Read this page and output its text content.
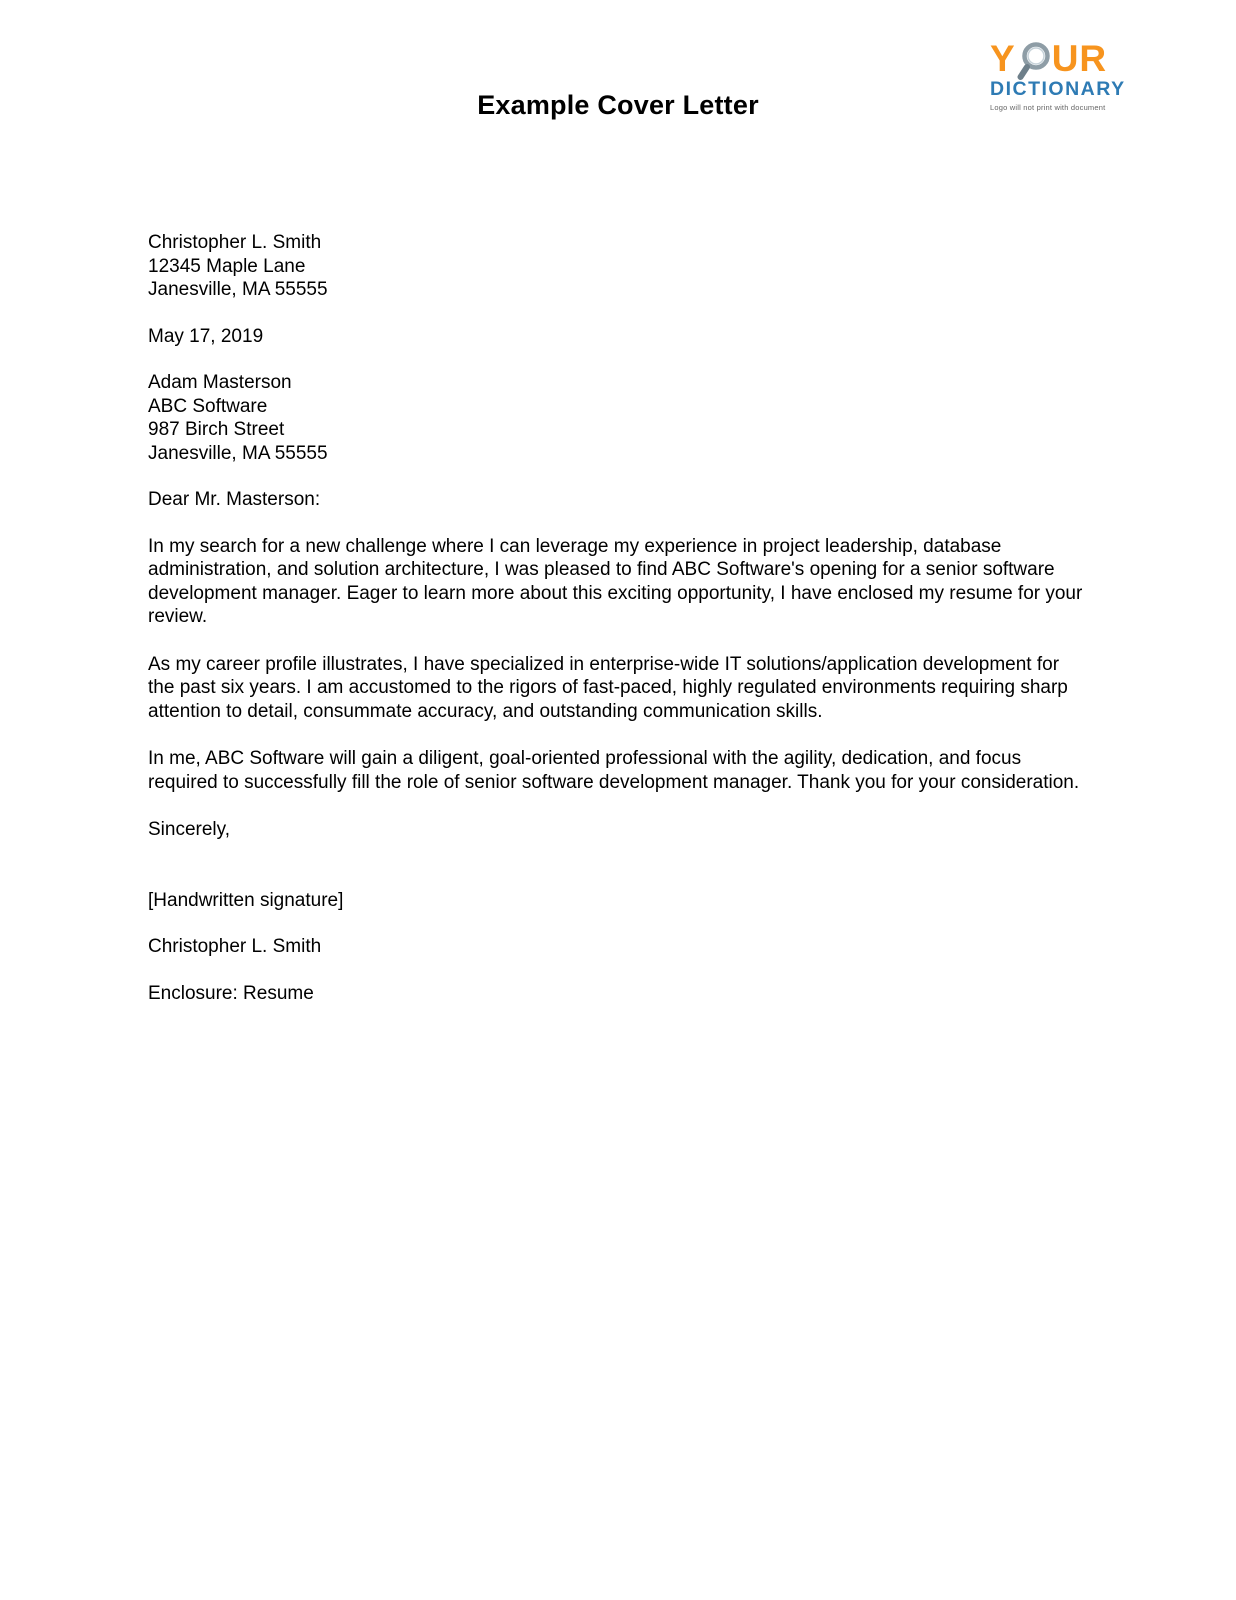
Example Cover Letter
Y UR
DICTIONARY
Logo will not print with document

Christopher L. Smith

12345 Maple Lane

Janesville, MA 55555

May 17, 2019

Adam Masterson

ABC Software

987 Birch Street

Janesville, MA 55555

Dear Mr. Masterson:

In my search for a new challenge where I can leverage my experience in project leadership, database administration, and solution architecture, I was pleased to find ABC Software's opening for a senior software development manager. Eager to learn more about this exciting opportunity, I have enclosed my resume for your review.

As my career profile illustrates, I have specialized in enterprise-wide IT solutions/application development for the past six years. I am accustomed to the rigors of fast-paced, highly regulated environments requiring sharp attention to detail, consummate accuracy, and outstanding communication skills.

In me, ABC Software will gain a diligent, goal-oriented professional with the agility, dedication, and focus required to successfully fill the role of senior software development manager. Thank you for your consideration.

Sincerely,

[Handwritten signature]

Christopher L. Smith

Enclosure: Resume
